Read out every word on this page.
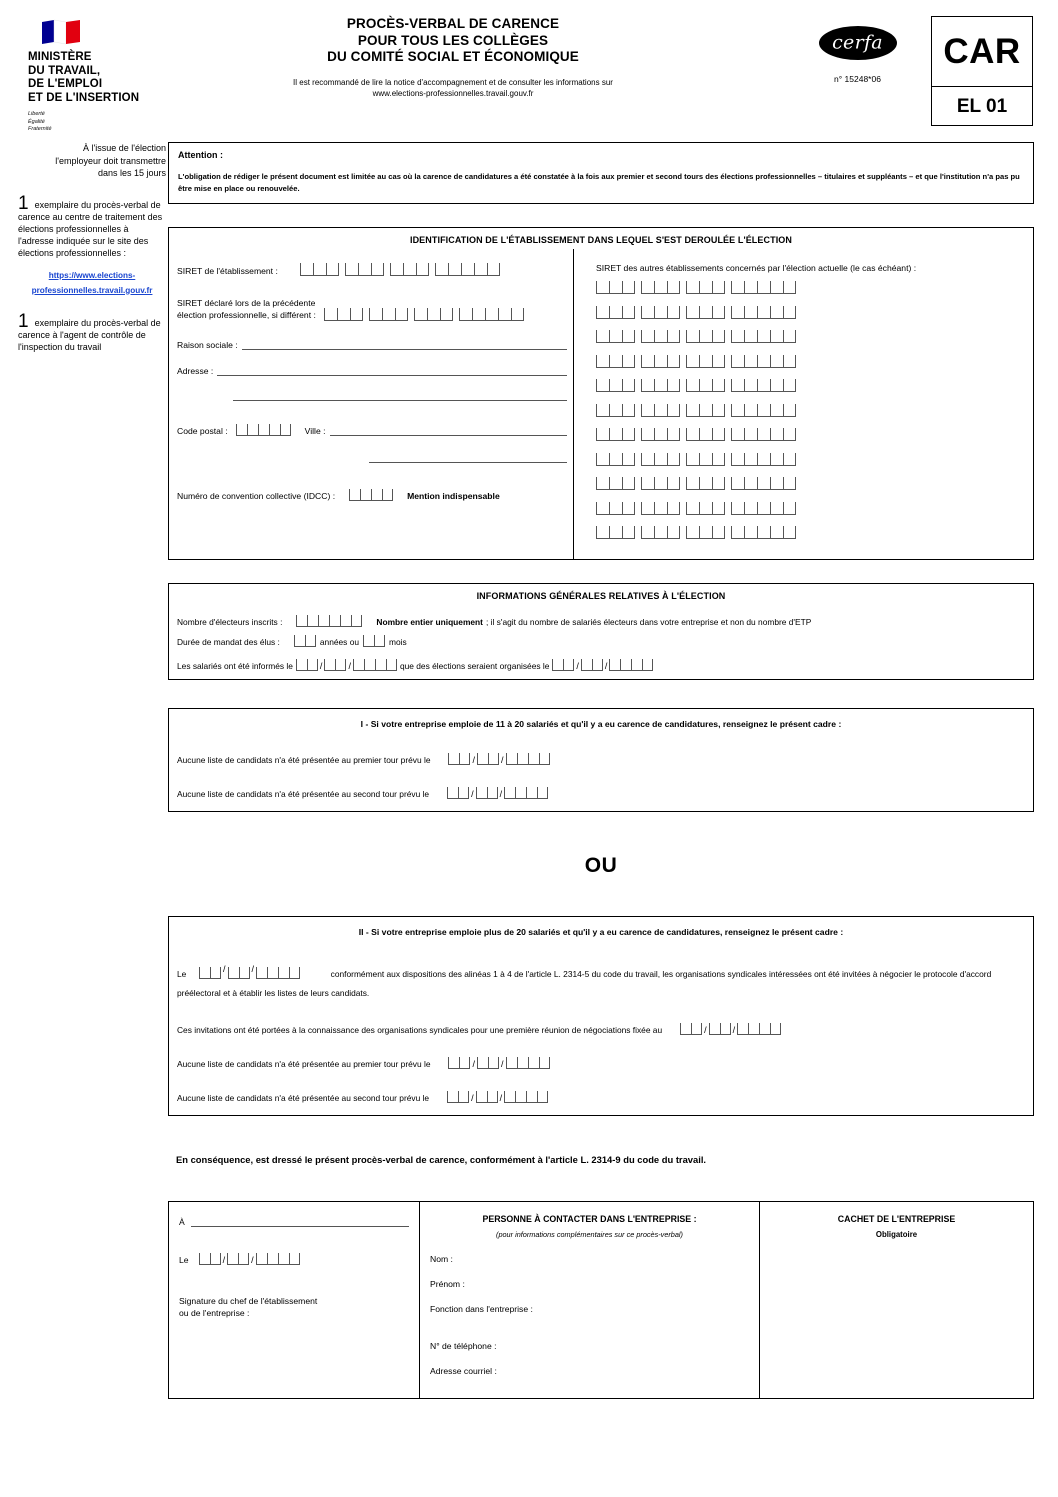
MINISTÈRE
DU TRAVAIL,
DE L'EMPLOI
ET DE L'INSERTION
Liberté
Égalité
Fraternité
PROCÈS-VERBAL DE CARENCE
POUR TOUS LES COLLÈGES
DU COMITÉ SOCIAL ET ÉCONOMIQUE
Il est recommandé de lire la notice d'accompagnement et de consulter les informations sur
www.elections-professionnelles.travail.gouv.fr
cerfa
n° 15248*06
CAR
EL 01
À l'issue de l'élection
l'employeur doit transmettre
dans les 15 jours
1 exemplaire du procès-verbal de carence au centre de traitement des élections professionnelles à l'adresse indiquée sur le site des élections professionnelles :
https://www.elections-
professionnelles.travail.gouv.fr
1 exemplaire du procès-verbal de carence à l'agent de contrôle de l'inspection du travail
Attention :
L'obligation de rédiger le présent document est limitée au cas où la carence de candidatures a été constatée à la fois aux premier et second tours des élections professionnelles – titulaires et suppléants – et que l'institution n'a pas pu être mise en place ou renouvelée.
IDENTIFICATION DE L'ÉTABLISSEMENT DANS LEQUEL S'EST DEROULÉE L'ÉLECTION
SIRET de l'établissement :
SIRET déclaré lors de la précédente
élection professionnelle, si différent :
Raison sociale :
Adresse :
Code postal :	Ville :
Numéro de convention collective (IDCC) :	Mention indispensable
SIRET des autres établissements concernés par l'élection actuelle (le cas échéant) :
INFORMATIONS GÉNÉRALES RELATIVES À L'ÉLECTION
Nombre d'électeurs inscrits :	Nombre entier uniquement ; il s'agit du nombre de salariés électeurs dans votre entreprise et non du nombre d'ETP
Durée de mandat des élus :	années ou	mois
Les salariés ont été informés le	/	/	que des élections seraient organisées le	/	/
I - Si votre entreprise emploie de 11 à 20 salariés et qu'il y a eu carence de candidatures, renseignez le présent cadre :
Aucune liste de candidats n'a été présentée au premier tour prévu le	/	/
Aucune liste de candidats n'a été présentée au second tour prévu le	/	/
OU
II - Si votre entreprise emploie plus de 20 salariés et qu'il y a eu carence de candidatures, renseignez le présent cadre :
Le	/	/	conformément aux dispositions des alinéas 1 à 4 de l'article L. 2314-5 du code du travail, les organisations syndicales intéressées ont été invitées à négocier le protocole d'accord préélectoral et à établir les listes de leurs candidats.
Ces invitations ont été portées à la connaissance des organisations syndicales pour une première réunion de négociations fixée au	/	/
Aucune liste de candidats n'a été présentée au premier tour prévu le	/	/
Aucune liste de candidats n'a été présentée au second tour prévu le	/	/
En conséquence, est dressé le présent procès-verbal de carence, conformément à l'article L. 2314-9 du code du travail.
À
Le	/	/
Signature du chef de l'établissement
ou de l'entreprise :
PERSONNE À CONTACTER DANS L'ENTREPRISE :
(pour informations complémentaires sur ce procès-verbal)
Nom :
Prénom :
Fonction dans l'entreprise :
N° de téléphone :
Adresse courriel :
CACHET DE L'ENTREPRISE
Obligatoire
